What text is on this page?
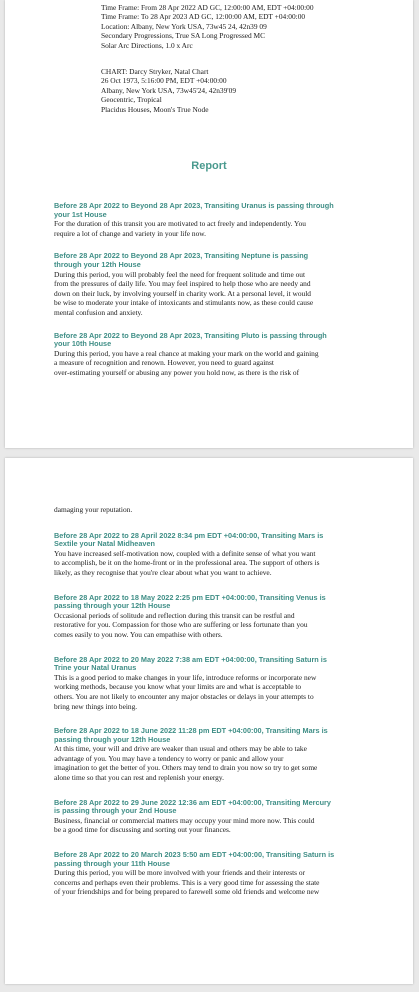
Time Frame: From 28 Apr 2022 AD GC, 12:00:00 AM, EDT +04:00:00
Time Frame: To 28 Apr 2023 AD GC, 12:00:00 AM, EDT +04:00:00
Location: Albany, New York USA, 73w45 24, 42n39 09
Secondary Progressions, True SA Long Progressed MC
Solar Arc Directions, 1.0 x Arc
CHART: Darcy Stryker, Natal Chart
26 Oct 1973, 5:16:00 PM, EDT +04:00:00
Albany, New York USA, 73w45'24, 42n39'09
Geocentric, Tropical
Placidus Houses, Moon's True Node
Report
Before 28 Apr 2022 to Beyond 28 Apr 2023, Transiting Uranus is passing through
your 1st House
For the duration of this transit you are motivated to act freely and independently. You
require a lot of change and variety in your life now.
Before 28 Apr 2022 to Beyond 28 Apr 2023, Transiting Neptune is passing
through your 12th House
During this period, you will probably feel the need for frequent solitude and time out
from the pressures of daily life. You may feel inspired to help those who are needy and
down on their luck, by involving yourself in charity work. At a personal level, it would
be wise to moderate your intake of intoxicants and stimulants now, as these could cause
mental confusion and anxiety.
Before 28 Apr 2022 to Beyond 28 Apr 2023, Transiting Pluto is passing through
your 10th House
During this period, you have a real chance at making your mark on the world and gaining
a measure of recognition and renown. However, you need to guard against
over-estimating yourself or abusing any power you hold now, as there is the risk of
damaging your reputation.
Before 28 Apr 2022 to 28 April 2022 8:34 pm EDT +04:00:00, Transiting Mars is
Sextile your Natal Midheaven
You have increased self-motivation now, coupled with a definite sense of what you want
to accomplish, be it on the home-front or in the professional area. The support of others is
likely, as they recognise that you're clear about what you want to achieve.
Before 28 Apr 2022 to 18 May 2022 2:25 pm EDT +04:00:00, Transiting Venus is
passing through your 12th House
Occasional periods of solitude and reflection during this transit can be restful and
restorative for you. Compassion for those who are suffering or less fortunate than you
comes easily to you now. You can empathise with others.
Before 28 Apr 2022 to 20 May 2022 7:38 am EDT +04:00:00, Transiting Saturn is
Trine your Natal Uranus
This is a good period to make changes in your life, introduce reforms or incorporate new
working methods, because you know what your limits are and what is acceptable to
others. You are not likely to encounter any major obstacles or delays in your attempts to
bring new things into being.
Before 28 Apr 2022 to 18 June 2022 11:28 pm EDT +04:00:00, Transiting Mars is
passing through your 12th House
At this time, your will and drive are weaker than usual and others may be able to take
advantage of you. You may have a tendency to worry or panic and allow your
imagination to get the better of you. Others may tend to drain you now so try to get some
alone time so that you can rest and replenish your energy.
Before 28 Apr 2022 to 29 June 2022 12:36 am EDT +04:00:00, Transiting Mercury
is passing through your 2nd House
Business, financial or commercial matters may occupy your mind more now. This could
be a good time for discussing and sorting out your finances.
Before 28 Apr 2022 to 20 March 2023 5:50 am EDT +04:00:00, Transiting Saturn is
passing through your 11th House
During this period, you will be more involved with your friends and their interests or
concerns and perhaps even their problems. This is a very good time for assessing the state
of your friendships and for being prepared to farewell some old friends and welcome new
